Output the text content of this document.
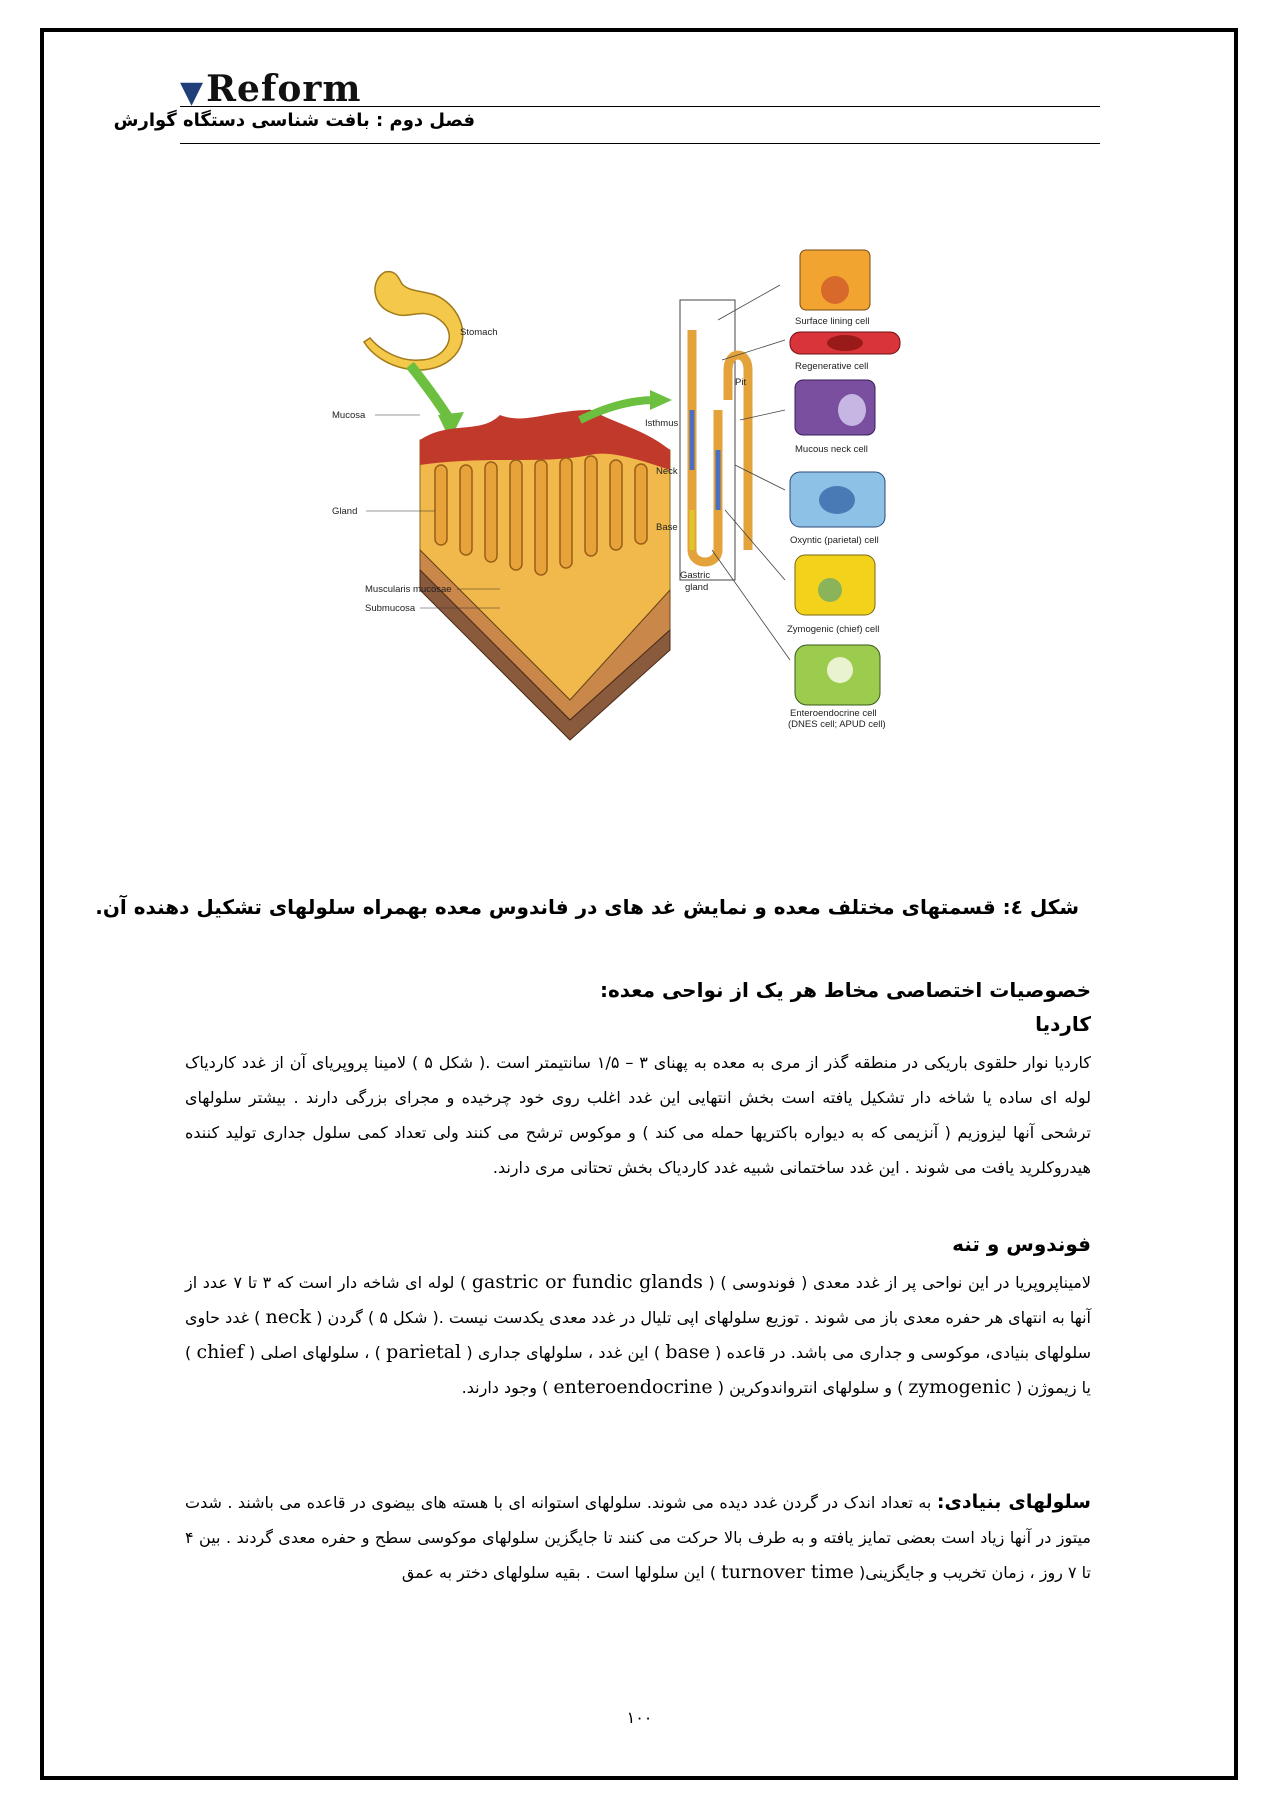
▼ Reform
فصل دوم : بافت شناسی دستگاه گوارش
Stomach
Mucosa
Gland
Muscularis mucosae
Submucosa
Pit
Isthmus
Neck
Base
Gastric
gland
Surface lining cell
Regenerative cell
Mucous neck cell
Oxyntic (parietal) cell
Zymogenic (chief) cell
Enteroendocrine cell
(DNES cell; APUD cell)
شکل ٤: قسمتهای مختلف معده و نمایش غد های در فاندوس معده بهمراه سلولهای تشکیل دهنده آن.
خصوصیات اختصاصی مخاط هر یک از نواحی معده:
کاردیا
کاردیا نوار حلقوی باریکی در منطقه گذر از مری به معده به پهنای ۳ – ۱/۵ سانتیمتر است .( شکل ۵ ) لامینا پروپریای آن از غدد کاردیاک لوله ای ساده یا شاخه دار تشکیل یافته است بخش انتهایی این غدد اغلب روی خود چرخیده و مجرای بزرگی دارند . بیشتر سلولهای ترشحی آنها لیزوزیم ( آنزیمی که به دیواره باکتریها حمله می کند ) و موکوس ترشح می کنند ولی تعداد کمی سلول جداری تولید کننده هیدروکلرید یافت می شوند . این غدد ساختمانی شبیه غدد کاردیاک بخش تحتانی مری دارند.
فوندوس و تنه
لامیناپروپریا در این نواحی پر از غدد معدی ( فوندوسی ) ( gastric or fundic glands ) لوله ای شاخه دار است که ۳ تا ۷ عدد از آنها به انتهای هر حفره معدی باز می شوند . توزیع سلولهای اپی تلیال در غدد معدی یکدست نیست .( شکل ۵ ) گردن ( neck ) غدد حاوی سلولهای بنیادی، موکوسی و جداری می باشد. در قاعده ( base ) این غدد ، سلولهای جداری ( parietal ) ، سلولهای اصلی ( chief ) یا زیموژن ( zymogenic ) و سلولهای انترواندوکرین ( enteroendocrine ) وجود دارند.
سلولهای بنیادی: به تعداد اندک در گردن غدد دیده می شوند. سلولهای استوانه ای با هسته های بیضوی در قاعده می باشند . شدت میتوز در آنها زیاد است بعضی تمایز یافته و به طرف بالا حرکت می کنند تا جایگزین سلولهای موکوسی سطح و حفره معدی گردند . بین ۴ تا ۷ روز ، زمان تخریب و جایگزینی( turnover time ) این سلولها است . بقیه سلولهای دختر به عمق
۱۰۰
